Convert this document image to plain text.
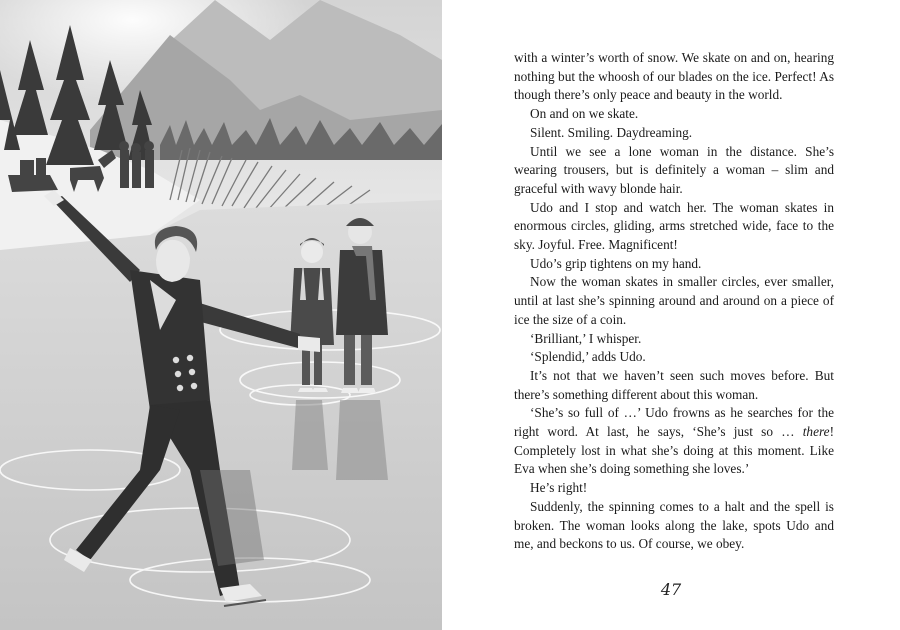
with a winter’s worth of snow. We skate on and on, hearing nothing but the whoosh of our blades on the ice. Perfect! As though there’s only peace and beauty in the world.

On and on we skate.

Silent. Smiling. Daydreaming.

Until we see a lone woman in the distance. She’s wearing trousers, but is definitely a woman – slim and graceful with wavy blonde hair.

Udo and I stop and watch her. The woman skates in enormous circles, gliding, arms stretched wide, face to the sky. Joyful. Free. Magnificent!

Udo’s grip tightens on my hand.

Now the woman skates in smaller circles, ever smaller, until at last she’s spinning around and around on a piece of ice the size of a coin.

‘Brilliant,’ I whisper.

‘Splendid,’ adds Udo.

It’s not that we haven’t seen such moves before. But there’s something different about this woman.

‘She’s so full of …’ Udo frowns as he searches for the right word. At last, he says, ‘She’s just so … there! Completely lost in what she’s doing at this moment. Like Eva when she’s doing something she loves.’

He’s right!

Suddenly, the spinning comes to a halt and the spell is broken. The woman looks along the lake, spots Udo and me, and beckons to us. Of course, we obey.

47
